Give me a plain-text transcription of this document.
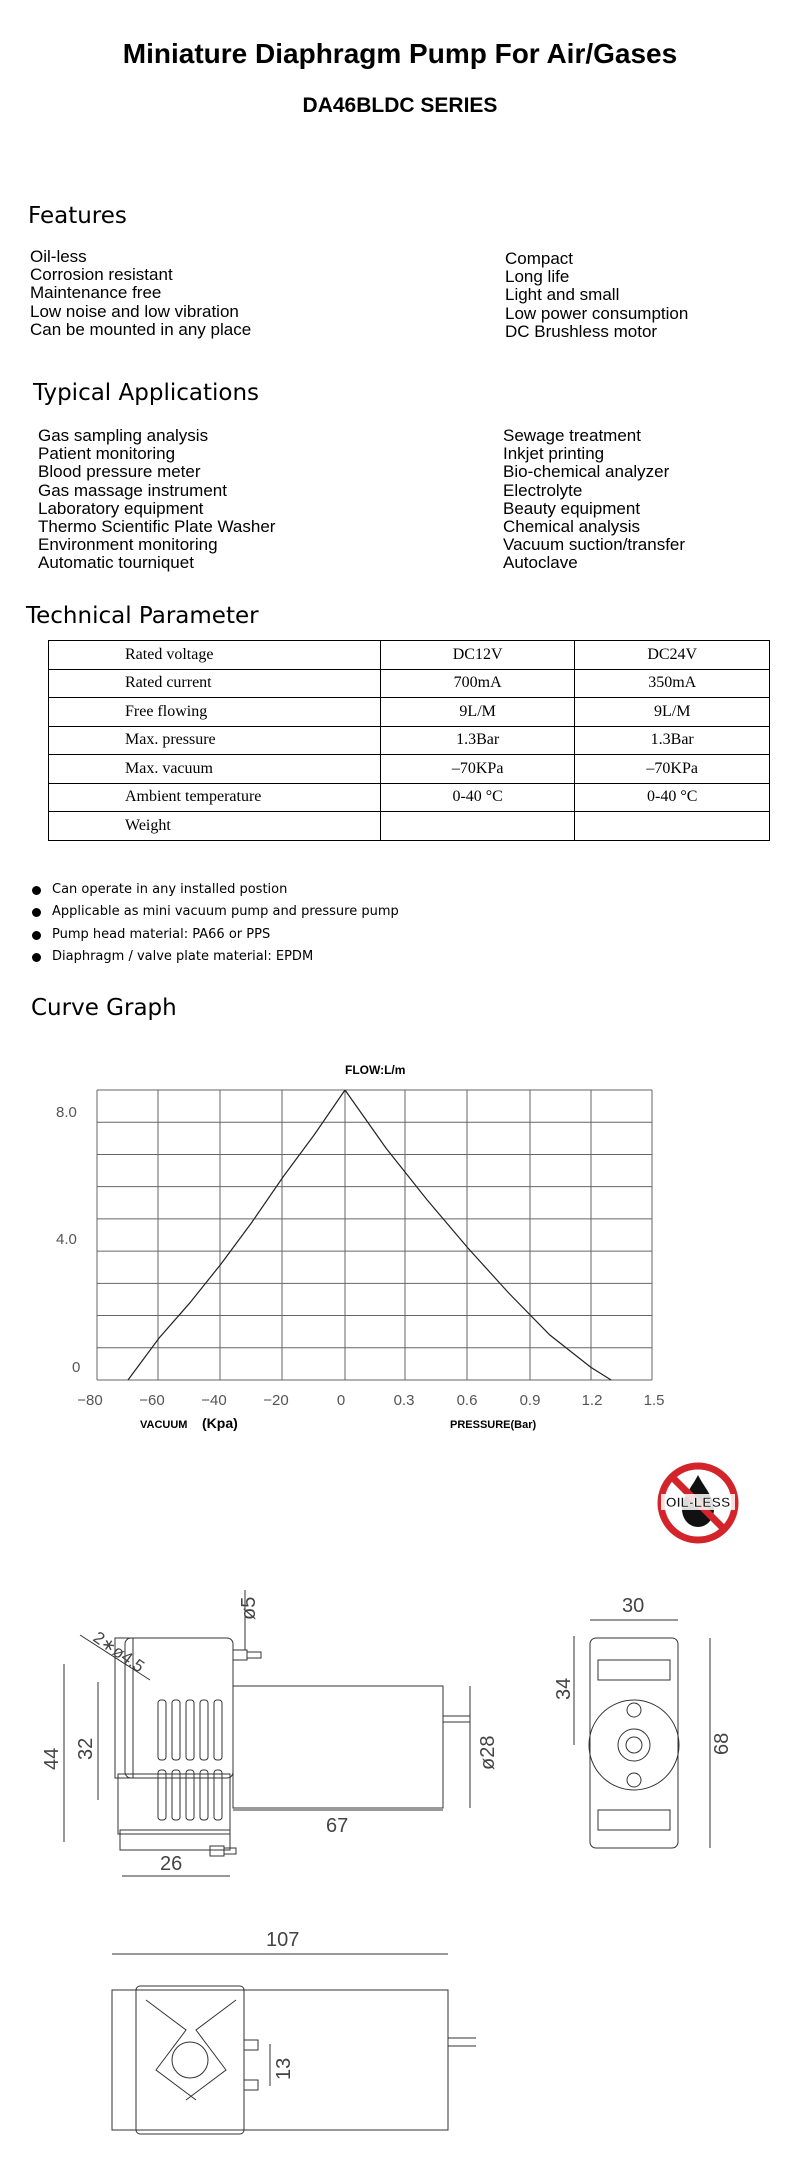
Miniature Diaphragm Pump For Air/Gases
DA46BLDC SERIES
Features
Oil-less
Corrosion resistant
Maintenance free
Low noise and low vibration
Can be mounted in any place
Compact
Long life
Light and small
Low power consumption
DC Brushless motor
Typical Applications
Gas sampling analysis
Patient monitoring
Blood pressure meter
Gas massage instrument
Laboratory equipment
Thermo Scientific Plate Washer
Environment monitoring
Automatic tourniquet
Sewage treatment
Inkjet printing
Bio-chemical analyzer
Electrolyte
Beauty equipment
Chemical analysis
Vacuum suction/transfer
Autoclave
Technical Parameter
Rated voltage	DC12V	DC24V
Rated current	700mA	350mA
Free flowing	9L/M	9L/M
Max. pressure	1.3Bar	1.3Bar
Max. vacuum	–70KPa	–70KPa
Ambient temperature	0-40 °C	0-40 °C
Weight		
Can operate in any installed postion
Applicable as mini vacuum pump and pressure pump
Pump head material: PA66 or PPS
Diaphragm / valve plate material: EPDM
Curve Graph
FLOW:L/m
8.0
4.0
0
−80 −60 −40 −20	0	0.3	0.6	0.9	1.2	1.5
VACUUM (Kpa)	PRESSURE(Bar)
OIL-LESS
ø5
2∗ø4.5
44 32	ø28
67
26
30
34
68
107
13
